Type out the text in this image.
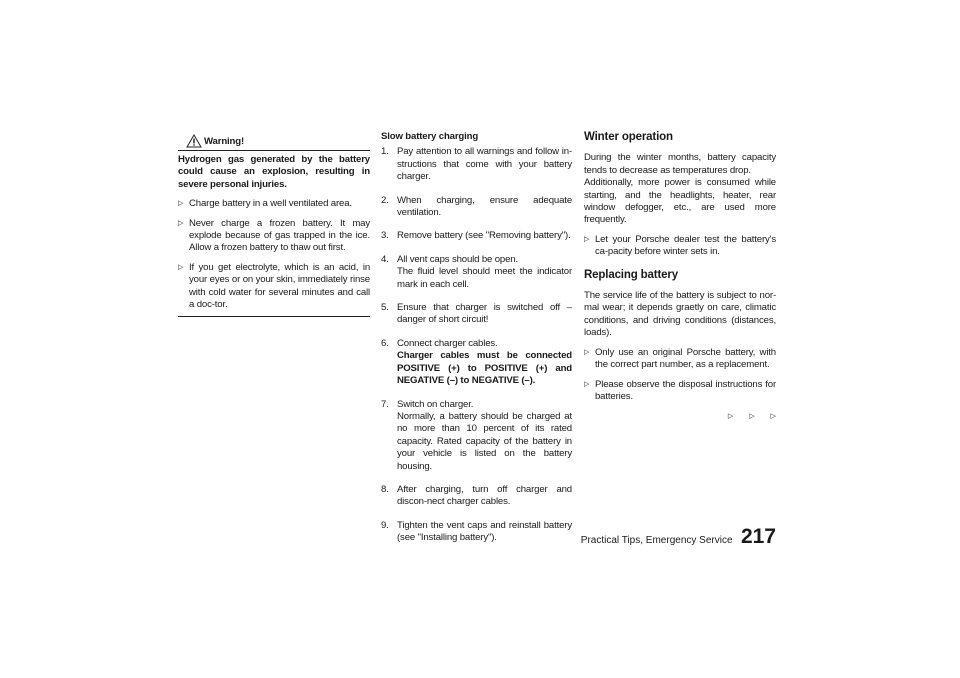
Warning!
Hydrogen gas generated by the battery could cause an explosion, resulting in severe personal injuries.
▷ Charge battery in a well ventilated area.
▷ Never charge a frozen battery. It may explode because of gas trapped in the ice. Allow a frozen battery to thaw out first.
▷ If you get electrolyte, which is an acid, in your eyes or on your skin, immediately rinse with cold water for several minutes and call a doc-tor.
Slow battery charging
1. Pay attention to all warnings and follow in-structions that come with your battery charger.
2. When charging, ensure adequate ventilation.
3. Remove battery (see "Removing battery").
4. All vent caps should be open.
The fluid level should meet the indicator mark in each cell.
5. Ensure that charger is switched off – danger of short circuit!
6. Connect charger cables.
Charger cables must be connected POSITIVE (+) to POSITIVE (+) and NEGATIVE (–) to NEGATIVE (–).
7. Switch on charger.
Normally, a battery should be charged at no more than 10 percent of its rated capacity. Rated capacity of the battery in your vehicle is listed on the battery housing.
8. After charging, turn off charger and discon-nect charger cables.
9. Tighten the vent caps and reinstall battery (see "Installing battery").
Winter operation
During the winter months, battery capacity tends to decrease as temperatures drop.
Additionally, more power is consumed while starting, and the headlights, heater, rear window defogger, etc., are used more frequently.
▷ Let your Porsche dealer test the battery's ca-pacity before winter sets in.
Replacing battery
The service life of the battery is subject to nor-mal wear; it depends graetly on care, climatic conditions, and driving conditions (distances, loads).
▷ Only use an original Porsche battery, with the correct part number, as a replacement.
▷ Please observe the disposal instructions for batteries.
▷ ▷ ▷
Practical Tips, Emergency Service 217
